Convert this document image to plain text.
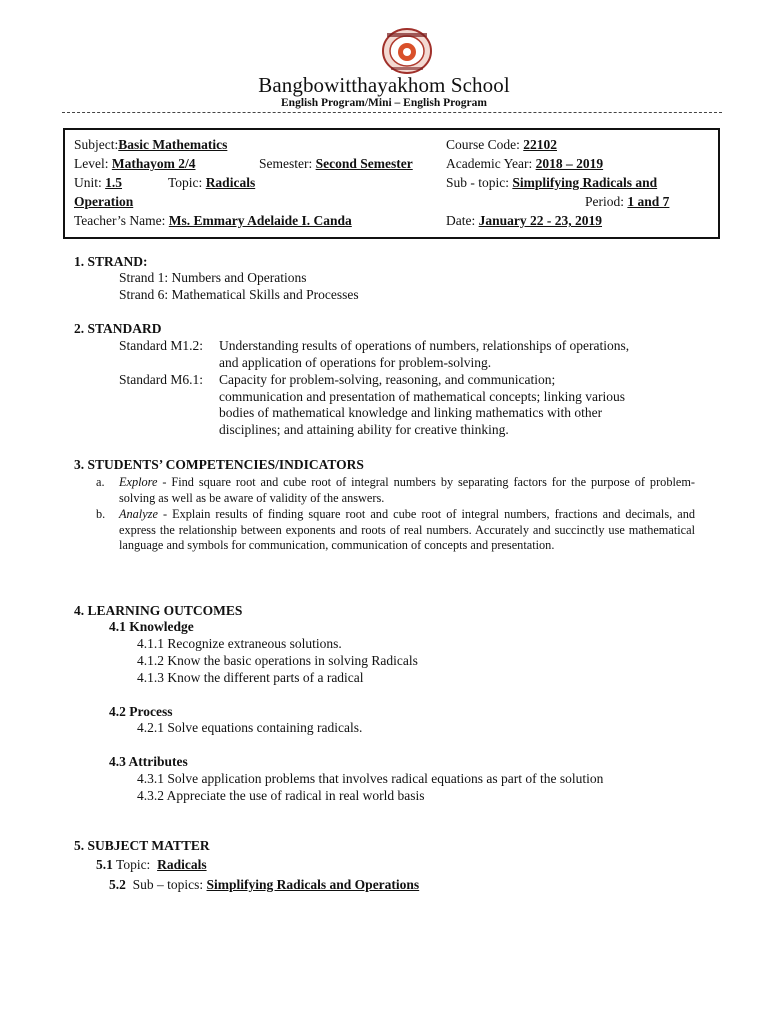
Bangbowitthayakhom School
English Program/Mini – English Program
Subject:Basic Mathematics	Course Code: 22102
Level: Mathayom 2/4	Semester: Second Semester Academic Year: 2018 – 2019
Unit: 1.5	Topic: Radicals	Sub - topic: Simplifying Radicals and
Operation	Period: 1 and 7
Teacher’s Name: Ms. Emmary Adelaide I. Canda	Date: January 22 - 23, 2019
1. STRAND:
Strand 1: Numbers and Operations
Strand 6: Mathematical Skills and Processes
2. STANDARD
Standard M1.2: Understanding results of operations of numbers, relationships of operations,
and application of operations for problem-solving.
Standard M6.1: Capacity for problem-solving, reasoning, and communication;
communication and presentation of mathematical concepts; linking various
bodies of mathematical knowledge and linking mathematics with other
disciplines; and attaining ability for creative thinking.
3. STUDENTS’ COMPETENCIES/INDICATORS
a. Explore - Find square root and cube root of integral numbers by separating factors for the purpose of problem-solving as well as be aware of validity of the answers.
b. Analyze - Explain results of finding square root and cube root of integral numbers, fractions and decimals, and express the relationship between exponents and roots of real numbers. Accurately and succinctly use mathematical language and symbols for communication, communication of concepts and presentation.
4. LEARNING OUTCOMES
4.1 Knowledge
4.1.1 Recognize extraneous solutions.
4.1.2 Know the basic operations in solving Radicals
4.1.3 Know the different parts of a radical
4.2 Process
4.2.1 Solve equations containing radicals.
4.3 Attributes
4.3.1 Solve application problems that involves radical equations as part of the solution
4.3.2 Appreciate the use of radical in real world basis
5. SUBJECT MATTER
5.1 Topic: Radicals
5.2 Sub – topics: Simplifying Radicals and Operations
